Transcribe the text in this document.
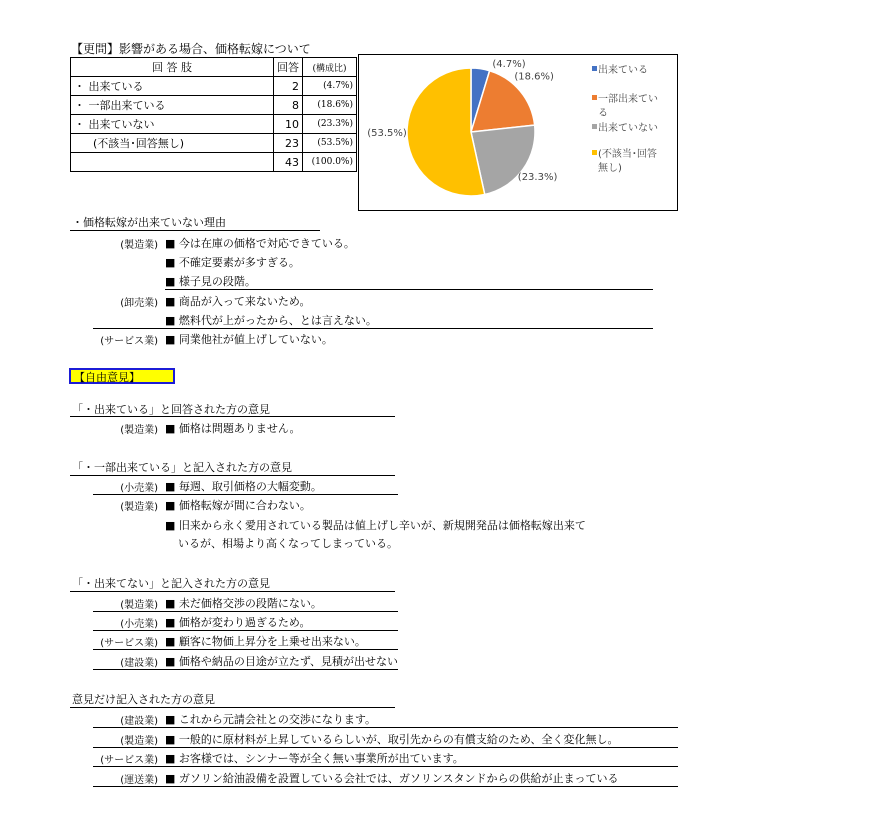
【更問】影響がある場合、価格転嫁について
回 答 肢	回答	(構成比)
・ 出来ている	2	(4.7%)
・ 一部出来ている	8	(18.6%)
・ 出来ていない	10	(23.3%)
(不該当･回答無し)	23	(53.5%)
	43	(100.0%)
(4.7%)
(18.6%)
(23.3%)
(53.5%)
出来ている
一部出来てい
る
出来ていない
(不該当･回答
無し)
・価格転嫁が出来ていない理由
(製造業) ■ 今は在庫の価格で対応できている。
■ 不確定要素が多すぎる。
■ 様子見の段階。
(卸売業) ■ 商品が入って来ないため。
■ 燃料代が上がったから、とは言えない。
(サービス業) ■ 同業他社が値上げしていない。
【自由意見】
「・出来ている」と回答された方の意見
(製造業) ■ 価格は問題ありません。
「・一部出来ている」と記入された方の意見
(小売業) ■ 毎週、取引価格の大幅変動。
(製造業) ■ 価格転嫁が間に合わない。
■ 旧来から永く愛用されている製品は値上げし辛いが、新規開発品は価格転嫁出来て
いるが、相場より高くなってしまっている。
「・出来てない」と記入された方の意見
(製造業) ■ 未だ価格交渉の段階にない。
(小売業) ■ 価格が変わり過ぎるため。
(サービス業) ■ 顧客に物価上昇分を上乗せ出来ない。
(建設業) ■ 価格や納品の目途が立たず、見積が出せない
意見だけ記入された方の意見
(建設業) ■ これから元請会社との交渉になります。
(製造業) ■ 一般的に原材料が上昇しているらしいが、取引先からの有償支給のため、全く変化無し。
(サービス業) ■ お客様では、シンナー等が全く無い事業所が出ています。
(運送業) ■ ガソリン給油設備を設置している会社では、ガソリンスタンドからの供給が止まっている
